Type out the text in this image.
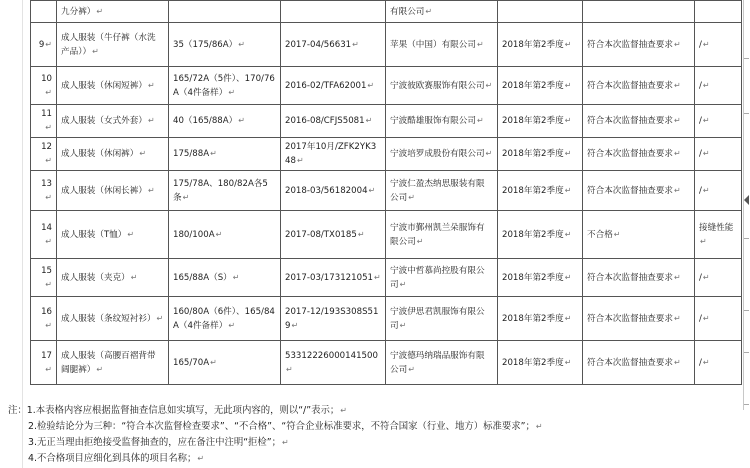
	九分裤）↵			有限公司↵			
9↵	成人服装（牛仔裤（水洗产品））↵	35（175/86A）↵	2017-04/56631↵	苹果（中国）有限公司↵	2018年第2季度↵	符合本次监督抽查要求↵	/↵
10↵	成人服装（休闲短裤）↵	165/72A（5件）、170/76A（4件备样）↵	2016-02/TFA62001↵	宁波彼欧赛服饰有限公司↵	2018年第2季度↵	符合本次监督抽查要求↵	/↵
11↵	成人服装（女式外套）↵	40（165/88A）↵	2016-08/CFJS5081↵	宁波酷雄服饰有限公司↵	2018年第2季度↵	符合本次监督抽查要求↵	/↵
12↵	成人服装（休闲裤）↵	175/88A↵	2017年10月/ZFK2YK348↵	宁波培罗成股份有限公司↵	2018年第2季度↵	符合本次监督抽查要求↵	/↵
13↵	成人服装（休闲长裤）↵	175/78A、180/82A各5条↵	2018-03/56182004↵	宁波仁盈杰纳思服装有限公司↵	2018年第2季度↵	符合本次监督抽查要求↵	/↵
14↵	成人服装（T恤）↵	180/100A↵	2017-08/TX0185↵	宁波市鄞州凯兰朵服饰有限公司↵	2018年第2季度↵	不合格↵	接缝性能↵
15↵	成人服装（夹克）↵	165/88A（S）↵	2017-03/173121051↵	宁波中哲慕尚控股有限公司↵	2018年第2季度↵	符合本次监督抽查要求↵	/↵
16↵	成人服装（条纹短衬衫）↵	160/80A（6件）、165/84A（4件备样）↵	2017-12/193S308S519↵	宁波伊思君凯服饰有限公司↵	2018年第2季度↵	符合本次监督抽查要求↵	/↵
17↵	成人服装（高腰百褶背带阔腿裤）↵	165/70A↵	53312226000141500↵	宁波德玛纳瑞品服饰有限公司↵	2018年第2季度↵	符合本次监督抽查要求↵	/↵
注：1.本表格内容应根据监督抽查信息如实填写，无此项内容的，则以“/”表示；↵
2.检验结论分为三种：“符合本次监督检查要求”、“不合格”、“符合企业标准要求，不符合国家（行业、地方）标准要求”；↵
3.无正当理由拒绝接受监督抽查的，应在备注中注明“拒检”；↵
4.不合格项目应细化到具体的项目名称；↵
